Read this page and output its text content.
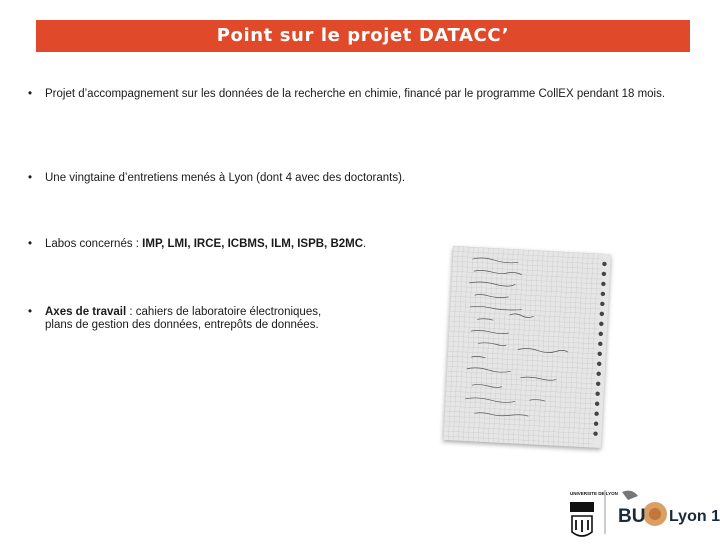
Point sur le projet DATACC’
• Projet d’accompagnement sur les données de la recherche en chimie, financé par le programme CollEX pendant 18 mois.
• Une vingtaine d’entretiens menés à Lyon (dont 4 avec des doctorants).
• Labos concernés : IMP, LMI, IRCE, ICBMS, ILM, ISPB, B2MC.
• Axes de travail : cahiers de laboratoire électroniques, plans de gestion des données, entrepôts de données.
UNIVERSITE DE LYON
BU Lyon 1
